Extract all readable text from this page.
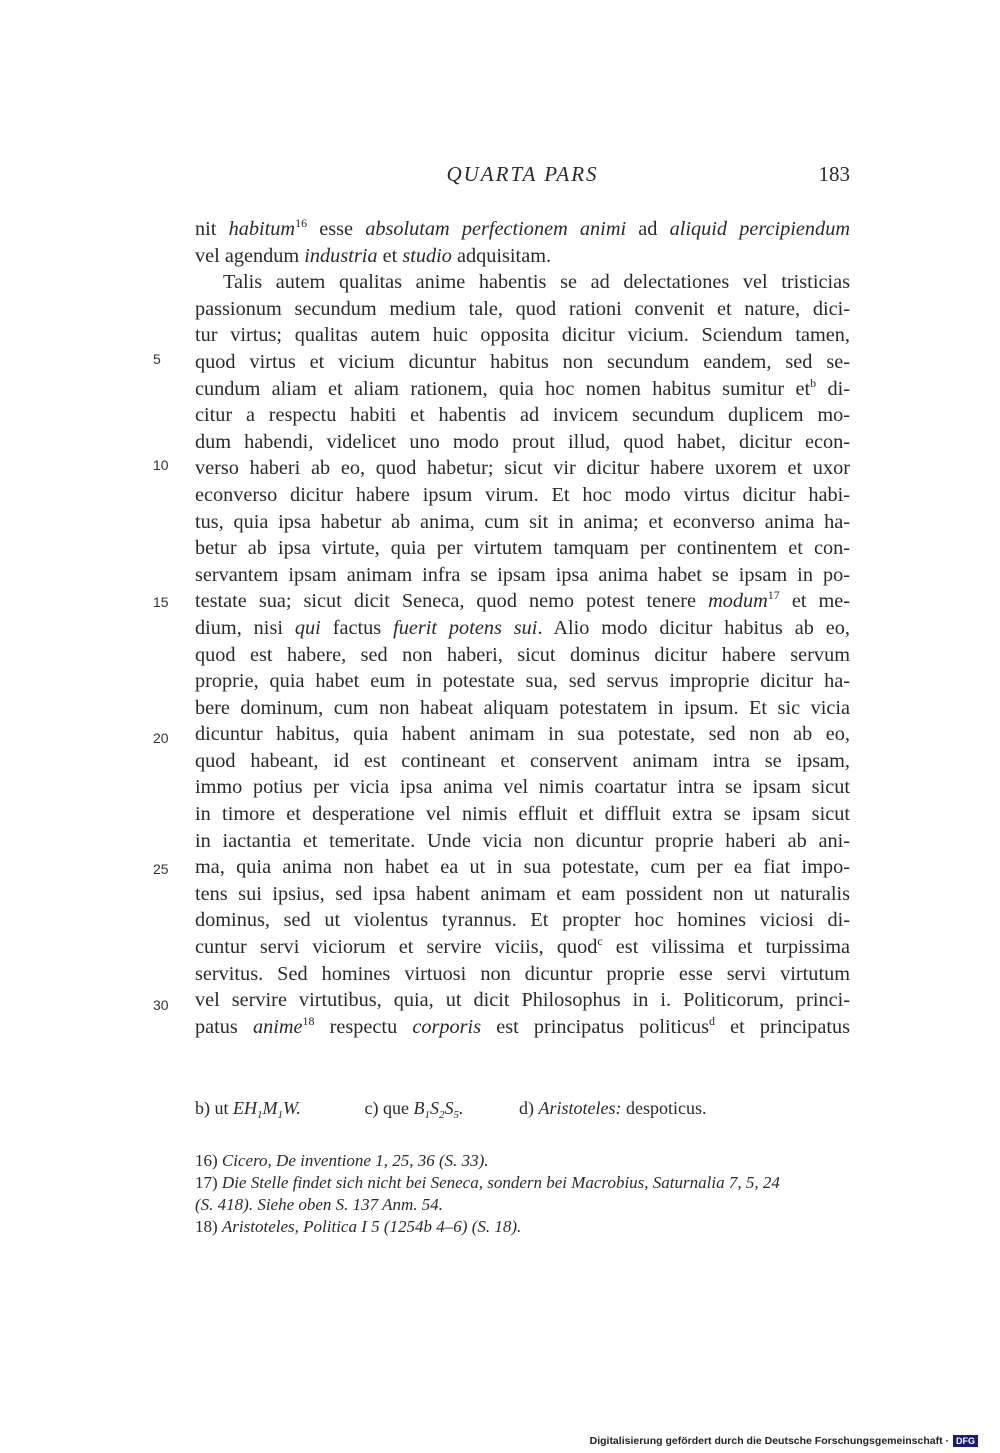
QUARTA PARS	183
nit habitum$^{16}$ esse absolutam perfectionem animi ad aliquid percipiendum
vel agendum industria et studio adquisitam.
Talis autem qualitas anime habentis se ad delectationes vel tristicias
passionum secundum medium tale, quod rationi convenit et nature, dici-
tur virtus; qualitas autem huic opposita dicitur vicium. Sciendum tamen,
quod virtus et vicium dicuntur habitus non secundum eandem, sed se-
cundum aliam et aliam rationem, quia hoc nomen habitus sumitur $et^b$ di-
citur a respectu habiti et habentis ad invicem secundum duplicem mo-
dum habendi, videlicet uno modo prout illud, quod habet, dicitur econ-
verso haberi ab eo, quod habetur; sicut vir dicitur habere uxorem et uxor
econverso dicitur habere ipsum virum. Et hoc modo virtus dicitur habi-
tus, quia ipsa habetur ab anima, cum sit in anima; et econverso anima ha-
betur ab ipsa virtute, quia per virtutem tamquam per continentem et con-
servantem ipsam animam infra se ipsam ipsa anima habet se ipsam in po-
testate sua; sicut dicit Seneca, quod nemo potest tenere modum$^{17}$ et me-
dium, nisi qui factus fuerit potens sui. Alio modo dicitur habitus ab eo,
quod est habere, sed non haberi, sicut dominus dicitur habere servum
proprie, quia habet eum in potestate sua, sed servus improprie dicitur ha-
bere dominum, cum non habeat aliquam potestatem in ipsum. Et sic vicia
dicuntur habitus, quia habent animam in sua potestate, sed non ab eo,
quod habeant, id est contineant et conservent animam intra se ipsam,
immo potius per vicia ipsa anima vel nimis coartatur intra se ipsam sicut
in timore et desperatione vel nimis effluit et diffluit extra se ipsam sicut
in iactantia et temeritate. Unde vicia non dicuntur proprie haberi ab ani-
ma, quia anima non habet ea ut in sua potestate, cum per ea fiat impo-
tens sui ipsius, sed ipsa habent animam et eam possident non ut naturalis
dominus, sed ut violentus tyrannus. Et propter hoc homines viciosi di-
cuntur servi viciorum et servire viciis, quod$^c$ est vilissima et turpissima
servitus. Sed homines virtuosi non dicuntur proprie esse servi virtutum
vel servire virtutibus, quia, ut dicit Philosophus in i. Politicorum, princi-
patus anime$^{18}$ respectu corporis est principatus politicus$^d$ et principatus
5
10
15
20
25
30
b) ut $EH_1M_1W$.	c) que $B_1S_2S_5$.	d) Aristoteles: despoticus.
16) Cicero, De inventione 1, 25, 36 (S. 33).
17) Die Stelle findet sich nicht bei Seneca, sondern bei Macrobius, Saturnalia 7, 5, 24
(S. 418). Siehe oben S. 137 Anm. 54.
18) Aristoteles, Politica I 5 (1254b 4–6) (S. 18).
Digitalisierung gefördert durch die Deutsche Forschungsgemeinschaft · DFG
